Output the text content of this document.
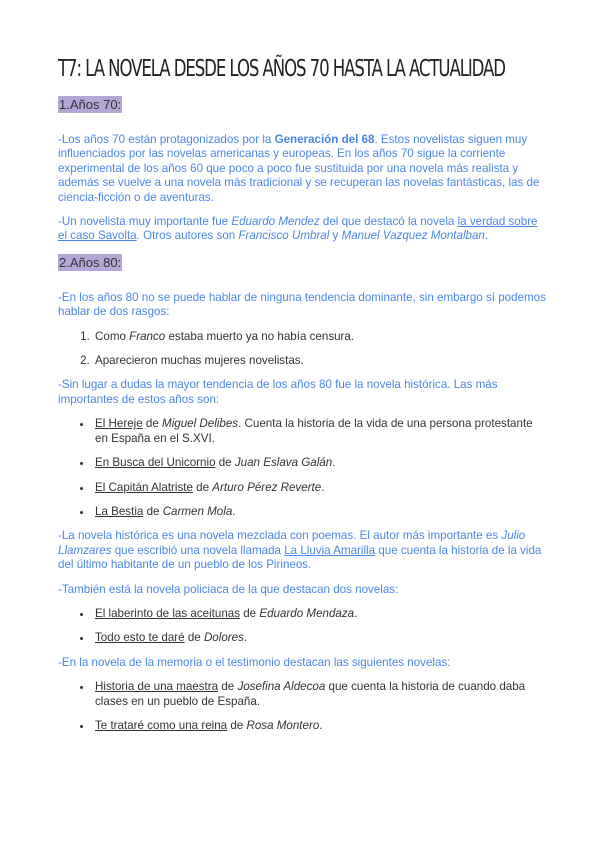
T7: LA NOVELA DESDE LOS AÑOS 70 HASTA LA ACTUALIDAD
1.Años 70:

-Los años 70 están protagonizados por la Generación del 68. Estos novelistas siguen muy influenciados por las novelas americanas y europeas. En los años 70 sigue la corriente experimental de los años 60 que poco a poco fue sustituida por una novela más realista y además se vuelve a una novela más tradicional y se recuperan las novelas fantásticas, las de ciencia-ficción o de aventuras.

-Un novelista muy importante fue Eduardo Mendez del que destacó la novela la verdad sobre el caso Savolta. Otros autores son Francisco Umbral y Manuel Vazquez Montalban.

2.Años 80:

-En los años 80 no se puede hablar de ninguna tendencia dominante, sin embargo sí podemos hablar de dos rasgos:

1. Como Franco estaba muerto ya no había censura.
2. Aparecieron muchas mujeres novelistas.

-Sin lugar a dudas la mayor tendencia de los años 80 fue la novela histórica. Las más importantes de estos años son:

• El Hereje de Miguel Delibes. Cuenta la historia de la vida de una persona protestante en España en el S.XVI.
• En Busca del Unicornio de Juan Eslava Galán.
• El Capitán Alatriste de Arturo Pérez Reverte.
• La Bestia de Carmen Mola.

-La novela histórica es una novela mezclada con poemas. El autor más importante es Julio Llamzares que escribió una novela llamada La Lluvia Amarilla que cuenta la historia de la vida del último habitante de un pueblo de los Pirineos.

-También está la novela policiaca de la que destacan dos novelas:

• El laberinto de las aceitunas de Eduardo Mendaza.
• Todo esto te daré de Dolores.

-En la novela de la memoria o el testimonio destacan las siguientes novelas:

• Historia de una maestra de Josefina Aldecoa que cuenta la historia de cuando daba clases en un pueblo de España.
• Te trataré como una reina de Rosa Montero.
